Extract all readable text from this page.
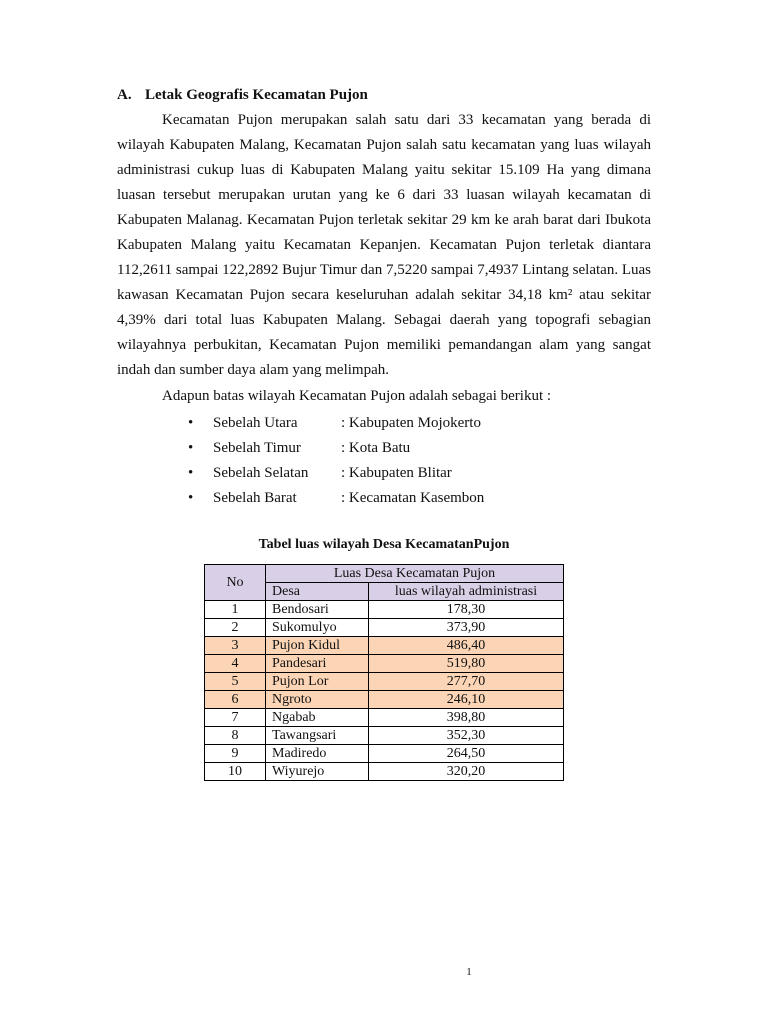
A. Letak Geografis Kecamatan Pujon

Kecamatan Pujon merupakan salah satu dari 33 kecamatan yang berada di wilayah Kabupaten Malang, Kecamatan Pujon salah satu kecamatan yang luas wilayah administrasi cukup luas di Kabupaten Malang yaitu sekitar 15.109 Ha yang dimana luasan tersebut merupakan urutan yang ke 6 dari 33 luasan wilayah kecamatan di Kabupaten Malanag. Kecamatan Pujon terletak sekitar 29 km ke arah barat dari Ibukota Kabupaten Malang yaitu Kecamatan Kepanjen. Kecamatan Pujon terletak diantara 112,2611 sampai 122,2892 Bujur Timur dan 7,5220 sampai 7,4937 Lintang selatan. Luas kawasan Kecamatan Pujon secara keseluruhan adalah sekitar 34,18 km² atau sekitar 4,39% dari total luas Kabupaten Malang. Sebagai daerah yang topografi sebagian wilayahnya perbukitan, Kecamatan Pujon memiliki pemandangan alam yang sangat indah dan sumber daya alam yang melimpah.

Adapun batas wilayah Kecamatan Pujon adalah sebagai berikut :

• Sebelah Utara	: Kabupaten Mojokerto
• Sebelah Timur	: Kota Batu
• Sebelah Selatan : Kabupaten Blitar
• Sebelah Barat	: Kecamatan Kasembon
Tabel luas wilayah Desa KecamatanPujon
No	Luas Desa Kecamatan Pujon	
	Desa	luas wilayah administrasi
1	Bendosari	178,30
2	Sukomulyo	373,90
3	Pujon Kidul	486,40
4	Pandesari	519,80
5	Pujon Lor	277,70
6	Ngroto	246,10
7	Ngabab	398,80
8	Tawangsari	352,30
9	Madiredo	264,50
10	Wiyurejo	320,20
1
